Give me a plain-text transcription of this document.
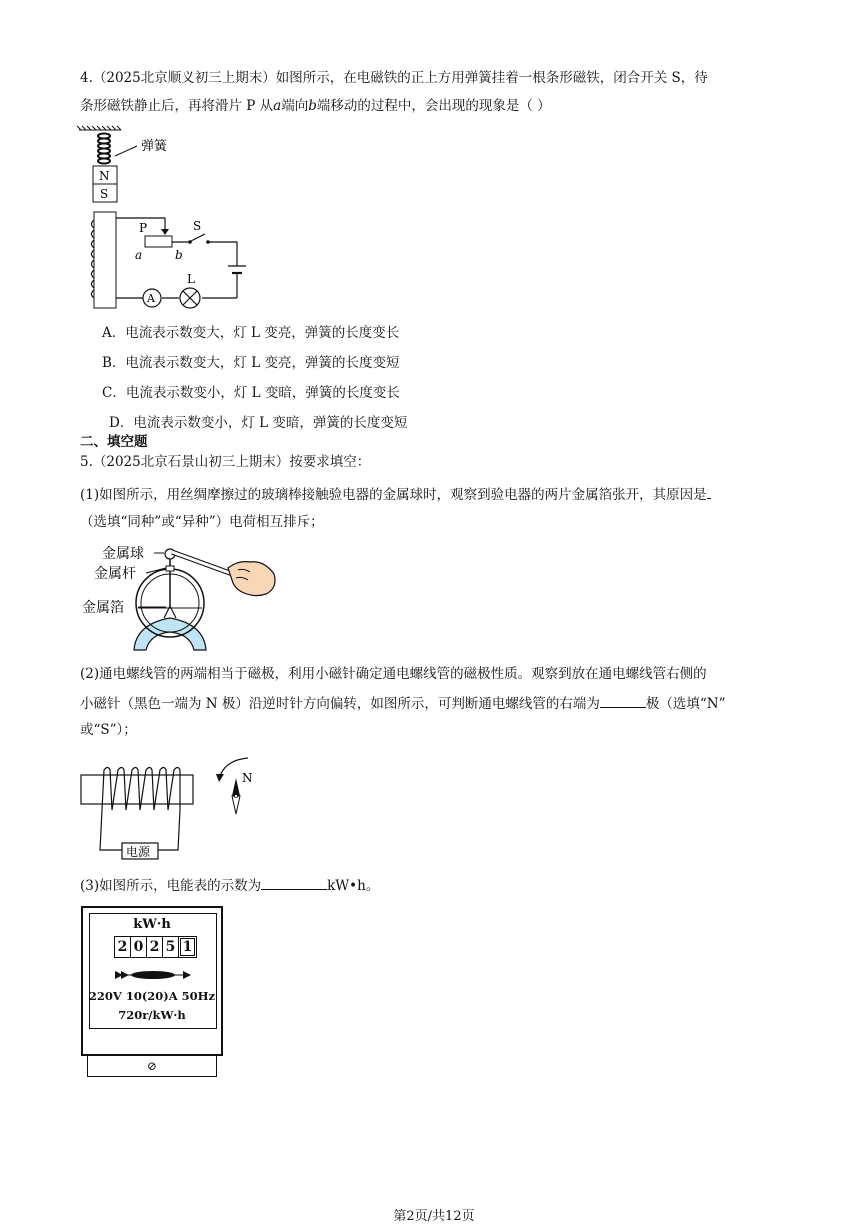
4.（2025北京顺义初三上期末）如图所示，在电磁铁的正上方用弹簧挂着一根条形磁铁，闭合开关 S，待
条形磁铁静止后，再将滑片 P 从a端向b端移动的过程中，会出现的现象是（ ）
弹簧
N
S
P
a	b
S
A
L
A．电流表示数变大，灯 L 变亮，弹簧的长度变长
B．电流表示数变大，灯 L 变亮，弹簧的长度变短
C．电流表示数变小，灯 L 变暗，弹簧的长度变长
D．电流表示数变小，灯 L 变暗，弹簧的长度变短
二、填空题
5.（2025北京石景山初三上期末）按要求填空：
(1)如图所示，用丝绸摩擦过的玻璃棒接触验电器的金属球时，观察到验电器的两片金属箔张开，其原因是
（选填“同种”或“异种”）电荷相互排斥；
金属球
金属杆
金属箔
(2)通电螺线管的两端相当于磁极，利用小磁针确定通电螺线管的磁极性质。观察到放在通电螺线管右侧的
小磁针（黑色一端为 N 极）沿逆时针方向偏转，如图所示，可判断通电螺线管的右端为	极（选填“N”
或“S”）；
电源
N
(3)如图所示，电能表的示数为	kW•h。
kW·h
2 0 2 5 1
220V 10(20)A 50Hz
720r/kW·h
⊘
第2页/共12页
